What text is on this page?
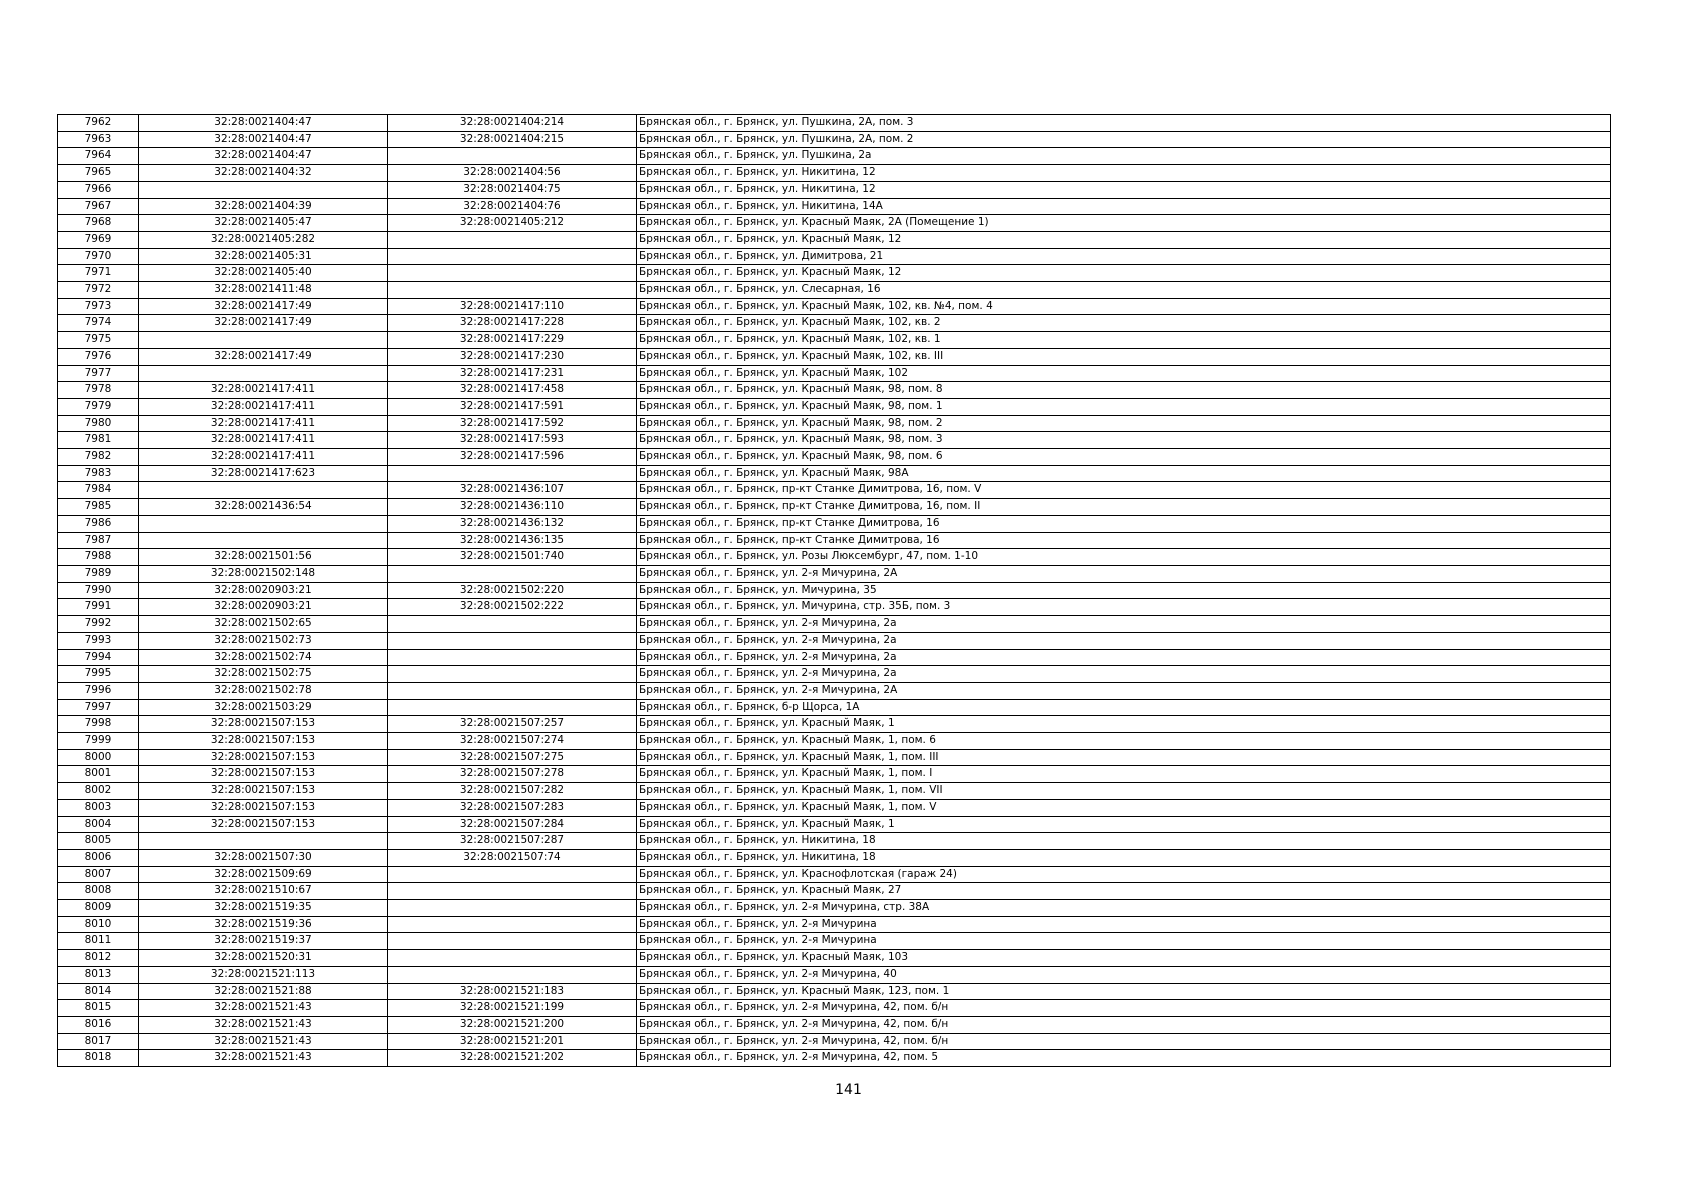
7962	32:28:0021404:47	32:28:0021404:214	Брянская обл., г. Брянск, ул. Пушкина, 2А, пом. 3
7963	32:28:0021404:47	32:28:0021404:215	Брянская обл., г. Брянск, ул. Пушкина, 2А, пом. 2
7964	32:28:0021404:47		Брянская обл., г. Брянск, ул. Пушкина, 2а
7965	32:28:0021404:32	32:28:0021404:56	Брянская обл., г. Брянск, ул. Никитина, 12
7966		32:28:0021404:75	Брянская обл., г. Брянск, ул. Никитина, 12
7967	32:28:0021404:39	32:28:0021404:76	Брянская обл., г. Брянск, ул. Никитина, 14А
7968	32:28:0021405:47	32:28:0021405:212	Брянская обл., г. Брянск, ул. Красный Маяк, 2А (Помещение 1)
7969	32:28:0021405:282		Брянская обл., г. Брянск, ул. Красный Маяк, 12
7970	32:28:0021405:31		Брянская обл., г. Брянск, ул. Димитрова, 21
7971	32:28:0021405:40		Брянская обл., г. Брянск, ул. Красный Маяк, 12
7972	32:28:0021411:48		Брянская обл., г. Брянск, ул. Слесарная, 16
7973	32:28:0021417:49	32:28:0021417:110	Брянская обл., г. Брянск, ул. Красный Маяк, 102, кв. №4, пом. 4
7974	32:28:0021417:49	32:28:0021417:228	Брянская обл., г. Брянск, ул. Красный Маяк, 102, кв. 2
7975		32:28:0021417:229	Брянская обл., г. Брянск, ул. Красный Маяк, 102, кв. 1
7976	32:28:0021417:49	32:28:0021417:230	Брянская обл., г. Брянск, ул. Красный Маяк, 102, кв. III
7977		32:28:0021417:231	Брянская обл., г. Брянск, ул. Красный Маяк, 102
7978	32:28:0021417:411	32:28:0021417:458	Брянская обл., г. Брянск, ул. Красный Маяк, 98, пом. 8
7979	32:28:0021417:411	32:28:0021417:591	Брянская обл., г. Брянск, ул. Красный Маяк, 98, пом. 1
7980	32:28:0021417:411	32:28:0021417:592	Брянская обл., г. Брянск, ул. Красный Маяк, 98, пом. 2
7981	32:28:0021417:411	32:28:0021417:593	Брянская обл., г. Брянск, ул. Красный Маяк, 98, пом. 3
7982	32:28:0021417:411	32:28:0021417:596	Брянская обл., г. Брянск, ул. Красный Маяк, 98, пом. 6
7983	32:28:0021417:623		Брянская обл., г. Брянск, ул. Красный Маяк, 98А
7984		32:28:0021436:107	Брянская обл., г. Брянск, пр-кт Станке Димитрова, 16, пом. V
7985	32:28:0021436:54	32:28:0021436:110	Брянская обл., г. Брянск, пр-кт Станке Димитрова, 16, пом. II
7986		32:28:0021436:132	Брянская обл., г. Брянск, пр-кт Станке Димитрова, 16
7987		32:28:0021436:135	Брянская обл., г. Брянск, пр-кт Станке Димитрова, 16
7988	32:28:0021501:56	32:28:0021501:740	Брянская обл., г. Брянск, ул. Розы Люксембург, 47, пом. 1-10
7989	32:28:0021502:148		Брянская обл., г. Брянск, ул. 2-я Мичурина, 2А
7990	32:28:0020903:21	32:28:0021502:220	Брянская обл., г. Брянск, ул. Мичурина, 35
7991	32:28:0020903:21	32:28:0021502:222	Брянская обл., г. Брянск, ул. Мичурина, стр. 35Б, пом. 3
7992	32:28:0021502:65		Брянская обл., г. Брянск, ул. 2-я Мичурина, 2а
7993	32:28:0021502:73		Брянская обл., г. Брянск, ул. 2-я Мичурина, 2а
7994	32:28:0021502:74		Брянская обл., г. Брянск, ул. 2-я Мичурина, 2а
7995	32:28:0021502:75		Брянская обл., г. Брянск, ул. 2-я Мичурина, 2а
7996	32:28:0021502:78		Брянская обл., г. Брянск, ул. 2-я Мичурина, 2А
7997	32:28:0021503:29		Брянская обл., г. Брянск, б-р Щорса, 1А
7998	32:28:0021507:153	32:28:0021507:257	Брянская обл., г. Брянск, ул. Красный Маяк, 1
7999	32:28:0021507:153	32:28:0021507:274	Брянская обл., г. Брянск, ул. Красный Маяк, 1, пом. 6
8000	32:28:0021507:153	32:28:0021507:275	Брянская обл., г. Брянск, ул. Красный Маяк, 1, пом. III
8001	32:28:0021507:153	32:28:0021507:278	Брянская обл., г. Брянск, ул. Красный Маяк, 1, пом. I
8002	32:28:0021507:153	32:28:0021507:282	Брянская обл., г. Брянск, ул. Красный Маяк, 1, пом. VII
8003	32:28:0021507:153	32:28:0021507:283	Брянская обл., г. Брянск, ул. Красный Маяк, 1, пом. V
8004	32:28:0021507:153	32:28:0021507:284	Брянская обл., г. Брянск, ул. Красный Маяк, 1
8005		32:28:0021507:287	Брянская обл., г. Брянск, ул. Никитина, 18
8006	32:28:0021507:30	32:28:0021507:74	Брянская обл., г. Брянск, ул. Никитина, 18
8007	32:28:0021509:69		Брянская обл., г. Брянск, ул. Краснофлотская (гараж 24)
8008	32:28:0021510:67		Брянская обл., г. Брянск, ул. Красный Маяк, 27
8009	32:28:0021519:35		Брянская обл., г. Брянск, ул. 2-я Мичурина, стр. 38А
8010	32:28:0021519:36		Брянская обл., г. Брянск, ул. 2-я Мичурина
8011	32:28:0021519:37		Брянская обл., г. Брянск, ул. 2-я Мичурина
8012	32:28:0021520:31		Брянская обл., г. Брянск, ул. Красный Маяк, 103
8013	32:28:0021521:113		Брянская обл., г. Брянск, ул. 2-я Мичурина, 40
8014	32:28:0021521:88	32:28:0021521:183	Брянская обл., г. Брянск, ул. Красный Маяк, 123, пом. 1
8015	32:28:0021521:43	32:28:0021521:199	Брянская обл., г. Брянск, ул. 2-я Мичурина, 42, пом. б/н
8016	32:28:0021521:43	32:28:0021521:200	Брянская обл., г. Брянск, ул. 2-я Мичурина, 42, пом. б/н
8017	32:28:0021521:43	32:28:0021521:201	Брянская обл., г. Брянск, ул. 2-я Мичурина, 42, пом. б/н
8018	32:28:0021521:43	32:28:0021521:202	Брянская обл., г. Брянск, ул. 2-я Мичурина, 42, пом. 5
141
